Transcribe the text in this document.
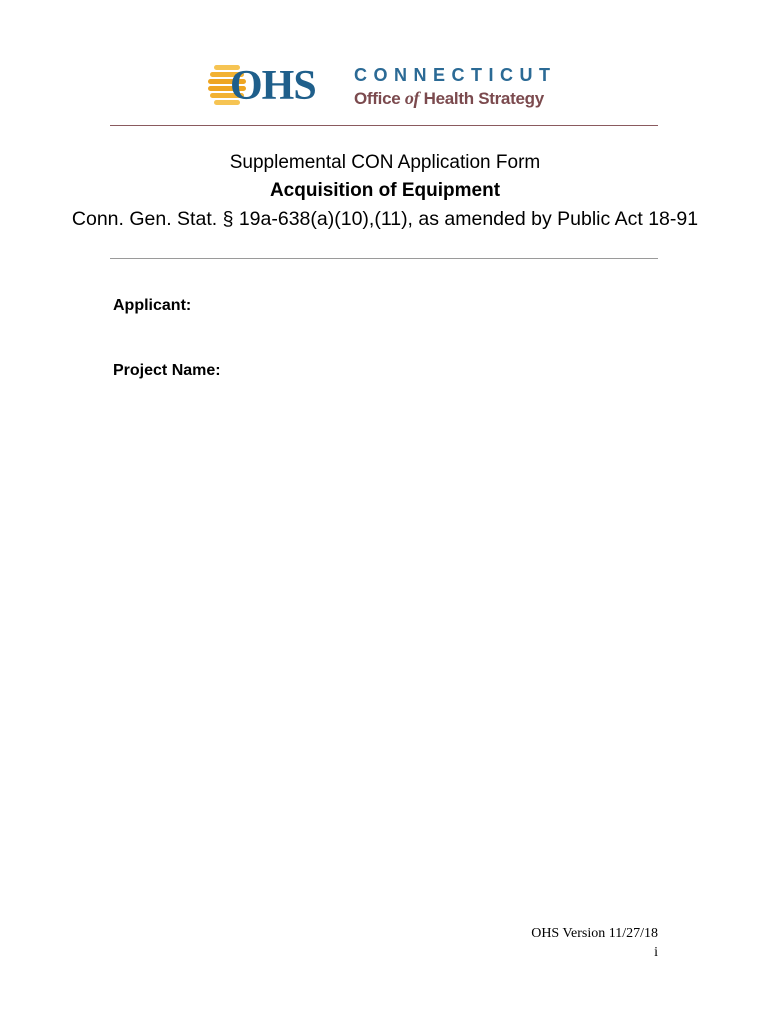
OHS CONNECTICUT
Office of Health Strategy
Supplemental CON Application Form
Acquisition of Equipment
Conn. Gen. Stat. § 19a-638(a)(10),(11), as amended by Public Act 18-91
Applicant:
Project Name:
OHS Version 11/27/18
i
